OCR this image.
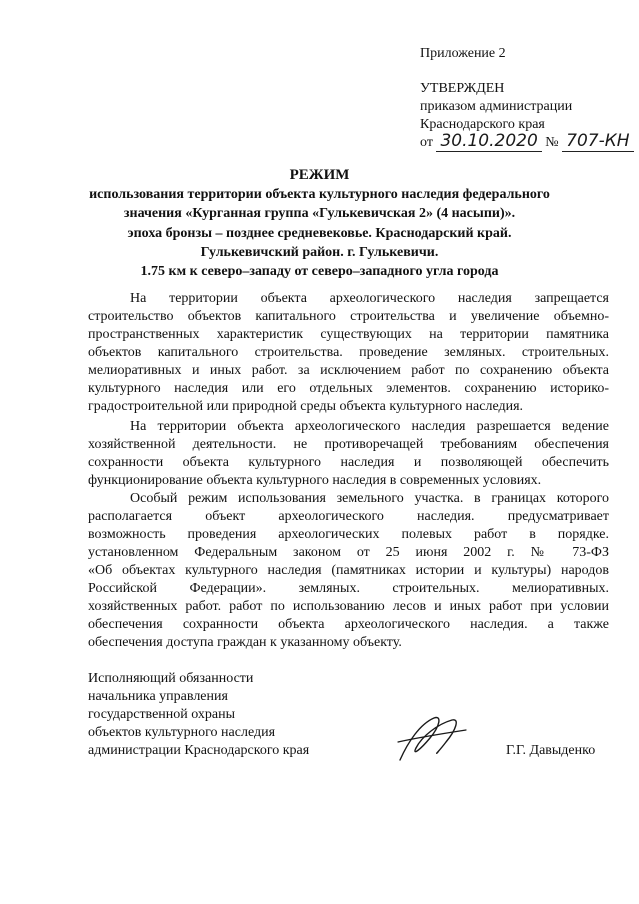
Приложение 2
УТВЕРЖДЕН
приказом администрации
Краснодарского края
от 30.10.2020 № 707-КН
РЕЖИМ
использования территории объекта культурного наследия федерального
значения «Курганная группа «Гулькевичская 2» (4 насыпи)».
эпоха бронзы – позднее средневековье. Краснодарский край.
Гулькевичский район. г. Гулькевичи.
1.75 км к северо–западу от северо–западного угла города
На территории объекта археологического наследия запрещается
строительство объектов капитального строительства и увеличение объемно-
пространственных характеристик существующих на территории памятника
объектов капитального строительства. проведение земляных. строительных.
мелиоративных и иных работ. за исключением работ по сохранению объекта
культурного наследия или его отдельных элементов. сохранению историко-
градостроительной или природной среды объекта культурного наследия.
На территории объекта археологического наследия разрешается ведение
хозяйственной деятельности. не противоречащей требованиям обеспечения
сохранности объекта культурного наследия и позволяющей обеспечить
функционирование объекта культурного наследия в современных условиях.
Особый режим использования земельного участка. в границах которого
располагается объект археологического наследия. предусматривает
возможность проведения археологических полевых работ в порядке.
установленном Федеральным законом от 25 июня 2002 г. № 73-ФЗ
«Об объектах культурного наследия (памятниках истории и культуры) народов
Российской Федерации». земляных. строительных. мелиоративных.
хозяйственных работ. работ по использованию лесов и иных работ при условии
обеспечения сохранности объекта археологического наследия. а также
обеспечения доступа граждан к указанному объекту.
Исполняющий обязанности
начальника управления
государственной охраны
объектов культурного наследия
администрации Краснодарского края	Г.Г. Давыденко
